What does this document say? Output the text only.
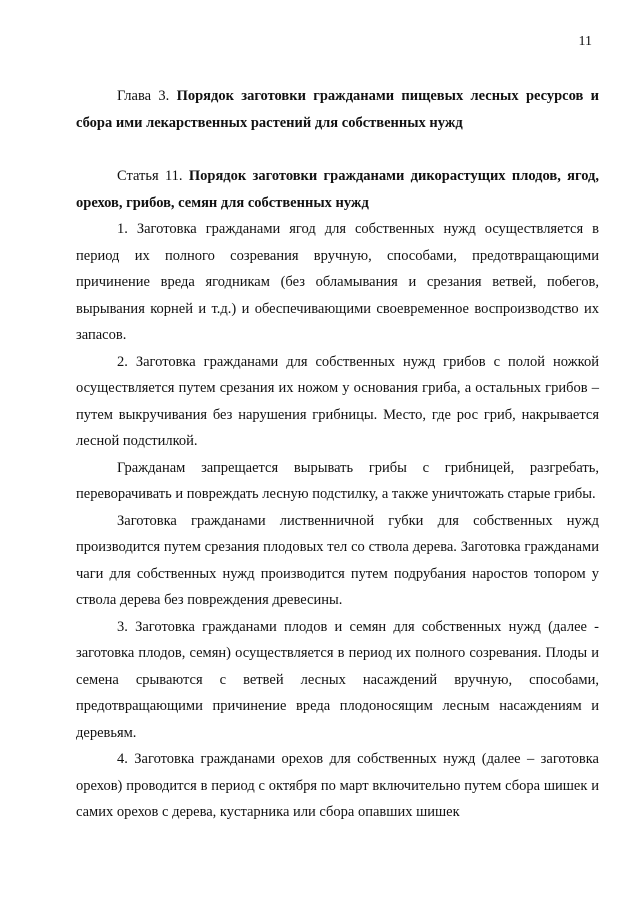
11

Глава 3. Порядок заготовки гражданами пищевых лесных ресурсов и сбора ими лекарственных растений для собственных нужд

Статья 11. Порядок заготовки гражданами дикорастущих плодов, ягод, орехов, грибов, семян для собственных нужд

1. Заготовка гражданами ягод для собственных нужд осуществляется в период их полного созревания вручную, способами, предотвращающими причинение вреда ягодникам (без обламывания и срезания ветвей, побегов, вырывания корней и т.д.) и обеспечивающими своевременное воспроизводство их запасов.

2. Заготовка гражданами для собственных нужд грибов с полой ножкой осуществляется путем срезания их ножом у основания гриба, а остальных грибов – путем выкручивания без нарушения грибницы. Место, где рос гриб, накрывается лесной подстилкой.

Гражданам запрещается вырывать грибы с грибницей, разгребать, переворачивать и повреждать лесную подстилку, а также уничтожать старые грибы.

Заготовка гражданами лиственничной губки для собственных нужд производится путем срезания плодовых тел со ствола дерева. Заготовка гражданами чаги для собственных нужд производится путем подрубания наростов топором у ствола дерева без повреждения древесины.

3. Заготовка гражданами плодов и семян для собственных нужд (далее - заготовка плодов, семян) осуществляется в период их полного созревания. Плоды и семена срываются с ветвей лесных насаждений вручную, способами, предотвращающими причинение вреда плодоносящим лесным насаждениям и деревьям.

4. Заготовка гражданами орехов для собственных нужд (далее – заготовка орехов) проводится в период с октября по март включительно путем сбора шишек и самих орехов с дерева, кустарника или сбора опавших шишек
